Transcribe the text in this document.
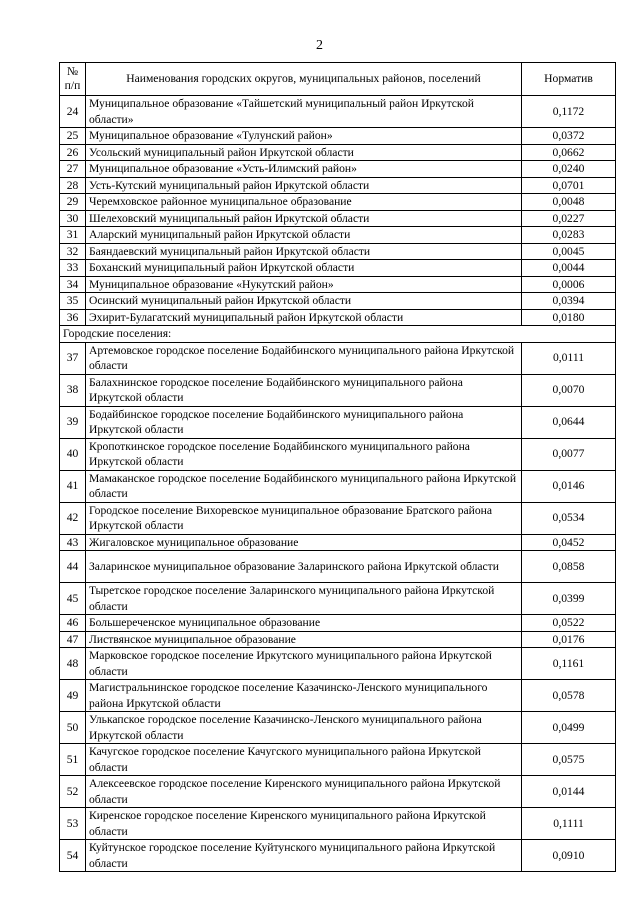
2
№ п/п	Наименования городских округов, муниципальных районов, поселений	Норматив
24	Муниципальное образование «Тайшетский муниципальный район Иркутской области»	0,1172
25	Муниципальное образование «Тулунский район»	0,0372
26	Усольский муниципальный район Иркутской области	0,0662
27	Муниципальное образование «Усть-Илимский район»	0,0240
28	Усть-Кутский муниципальный район Иркутской области	0,0701
29	Черемховское районное муниципальное образование	0,0048
30	Шелеховский муниципальный район Иркутской области	0,0227
31	Аларский муниципальный район Иркутской области	0,0283
32	Баяндаевский муниципальный район Иркутской области	0,0045
33	Боханский муниципальный район Иркутской области	0,0044
34	Муниципальное образование «Нукутский район»	0,0006
35	Осинский муниципальный район Иркутской области	0,0394
36	Эхирит-Булагатский муниципальный район Иркутской области	0,0180
Городские поселения:		
37	Артемовское городское поселение Бодайбинского муниципального района Иркутской области	0,0111
38	Балахнинское городское поселение Бодайбинского муниципального района Иркутской области	0,0070
39	Бодайбинское городское поселение Бодайбинского муниципального района Иркутской области	0,0644
40	Кропоткинское городское поселение Бодайбинского муниципального района Иркутской области	0,0077
41	Мамаканское городское поселение Бодайбинского муниципального района Иркутской области	0,0146
42	Городское поселение Вихоревское муниципальное образование Братского района Иркутской области	0,0534
43	Жигаловское муниципальное образование	0,0452
44	Заларинское муниципальное образование Заларинского района Иркутской области	0,0858
45	Тыретское городское поселение Заларинского муниципального района Иркутской области	0,0399
46	Большереченское муниципальное образование	0,0522
47	Листвянское муниципальное образование	0,0176
48	Марковское городское поселение Иркутского муниципального района Иркутской области	0,1161
49	Магистральнинское городское поселение Казачинско-Ленского муниципального района Иркутской области	0,0578
50	Улькапское городское поселение Казачинско-Ленского муниципального района Иркутской области	0,0499
51	Качугское городское поселение Качугского муниципального района Иркутской области	0,0575
52	Алексеевское городское поселение Киренского муниципального района Иркутской области	0,0144
53	Киренское городское поселение Киренского муниципального района Иркутской области	0,1111
54	Куйтунское городское поселение Куйтунского муниципального района Иркутской области	0,0910
